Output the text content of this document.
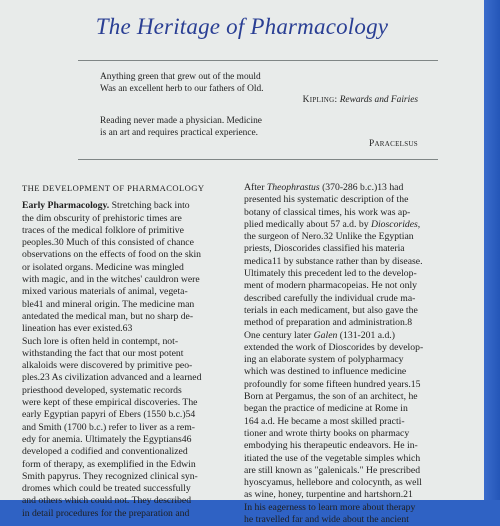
The Heritage of Pharmacology
Anything green that grew out of the mould
Was an excellent herb to our fathers of Old.
Kipling: Rewards and Fairies
Reading never made a physician. Medicine
is an art and requires practical experience.
Paracelsus
THE DEVELOPMENT OF PHARMACOLOGY
Early Pharmacology. Stretching back into
the dim obscurity of prehistoric times are
traces of the medical folklore of primitive
peoples.30 Much of this consisted of chance
observations on the effects of food on the skin
or isolated organs. Medicine was mingled
with magic, and in the witches' cauldron were
mixed various materials of animal, vegeta-
ble41 and mineral origin. The medicine man
antedated the medical man, but no sharp de-
lineation has ever existed.63
Such lore is often held in contempt, not-
withstanding the fact that our most potent
alkaloids were discovered by primitive peo-
ples.23 As civilization advanced and a learned
priesthood developed, systematic records
were kept of these empirical discoveries. The
early Egyptian papyri of Ebers (1550 b.c.)54
and Smith (1700 b.c.) refer to liver as a rem-
edy for anemia. Ultimately the Egyptians46
developed a codified and conventionalized
form of therapy, as exemplified in the Edwin
Smith papyrus. They recognized clinical syn-
dromes which could be treated successfully
and others which could not. They described
in detail procedures for the preparation and
After Theophrastus (370-286 b.c.)13 had
presented his systematic description of the
botany of classical times, his work was ap-
plied medically about 57 a.d. by Dioscorides,
the surgeon of Nero.32 Unlike the Egyptian
priests, Dioscorides classified his materia
medica11 by substance rather than by disease.
Ultimately this precedent led to the develop-
ment of modern pharmacopeias. He not only
described carefully the individual crude ma-
terials in each medicament, but also gave the
method of preparation and administration.8
One century later Galen (131-201 a.d.)
extended the work of Dioscorides by develop-
ing an elaborate system of polypharmacy
which was destined to influence medicine
profoundly for some fifteen hundred years.15
Born at Pergamus, the son of an architect, he
began the practice of medicine at Rome in
164 a.d. He became a most skilled practi-
tioner and wrote thirty books on pharmacy
embodying his therapeutic endeavors. He in-
itiated the use of the vegetable simples which
are still known as "galenicals." He prescribed
hyoscyamus, hellebore and colocynth, as well
as wine, honey, turpentine and hartshorn.21
In his eagerness to learn more about therapy
he travelled far and wide about the ancient
